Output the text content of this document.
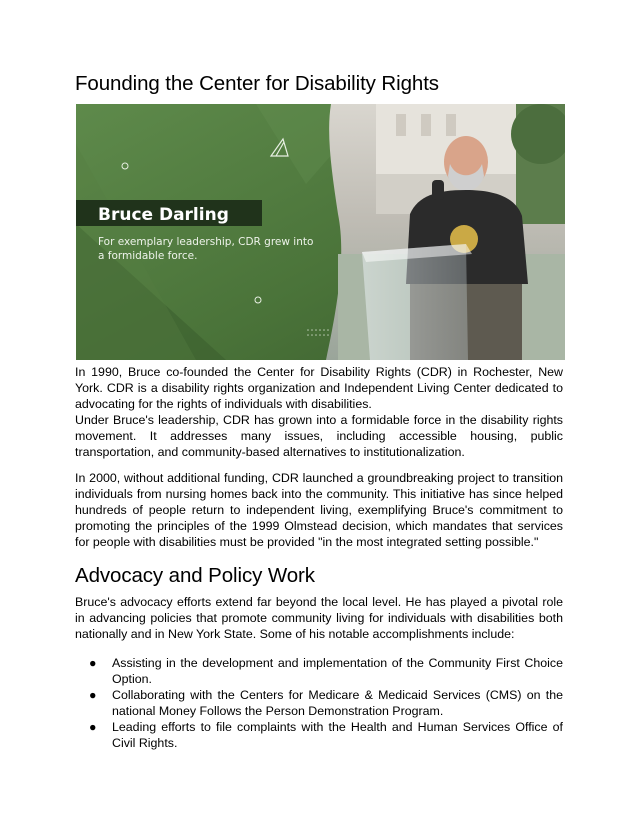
Founding the Center for Disability Rights
Bruce Darling
For exemplary leadership, CDR grew into
a formidable force.

In 1990, Bruce co-founded the Center for Disability Rights (CDR) in Rochester, New York. CDR is a disability rights organization and Independent Living Center dedicated to advocating for the rights of individuals with disabilities.

Under Bruce's leadership, CDR has grown into a formidable force in the disability rights movement. It addresses many issues, including accessible housing, public transportation, and community-based alternatives to institutionalization.

In 2000, without additional funding, CDR launched a groundbreaking project to transition individuals from nursing homes back into the community. This initiative has since helped hundreds of people return to independent living, exemplifying Bruce's commitment to promoting the principles of the 1999 Olmstead decision, which mandates that services for people with disabilities must be provided "in the most integrated setting possible."

Advocacy and Policy Work

Bruce's advocacy efforts extend far beyond the local level. He has played a pivotal role in advancing policies that promote community living for individuals with disabilities both nationally and in New York State. Some of his notable accomplishments include:

● Assisting in the development and implementation of the Community First Choice Option.
● Collaborating with the Centers for Medicare & Medicaid Services (CMS) on the national Money Follows the Person Demonstration Program.
● Leading efforts to file complaints with the Health and Human Services Office of Civil Rights.
